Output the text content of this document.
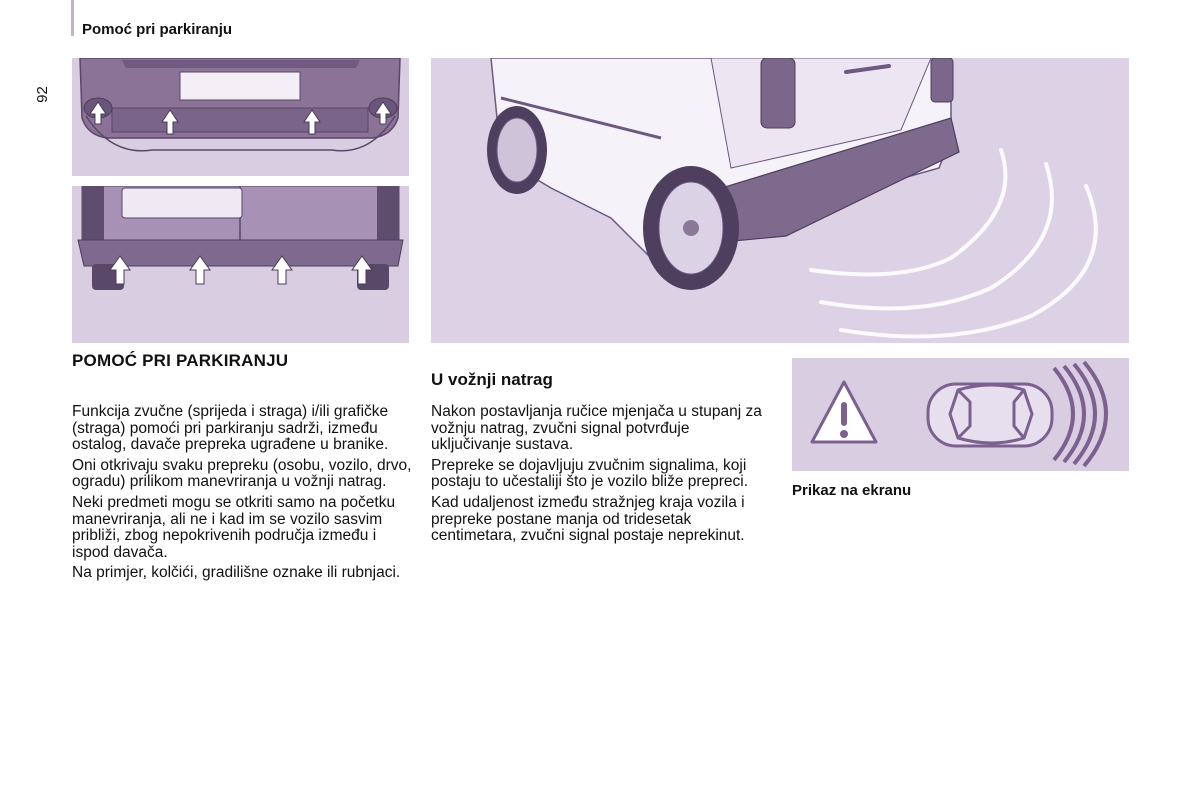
Pomoć pri parkiranju
92
POMOĆ PRI PARKIRANJU

Funkcija zvučne (sprijeda i straga) i/ili grafičke (straga) pomoći pri parkiranju sadrži, između ostalog, davače prepreka ugrađene u branike.

Oni otkrivaju svaku prepreku (osobu, vozilo, drvo, ogradu) prilikom manevriranja u vožnji natrag.

Neki predmeti mogu se otkriti samo na početku manevriranja, ali ne i kad im se vozilo sasvim približi, zbog nepokrivenih područja između i ispod davača.

Na primjer, kolčići, gradilišne oznake ili rubnjaci.

U vožnji natrag

Nakon postavljanja ručice mjenjača u stupanj za vožnju natrag, zvučni signal potvrđuje uključivanje sustava.

Prepreke se dojavljuju zvučnim signalima, koji postaju to učestaliji što je vozilo bliže prepreci.

Kad udaljenost između stražnjeg kraja vozila i prepreke postane manja od tridesetak centimetara, zvučni signal postaje neprekinut.

Prikaz na ekranu
